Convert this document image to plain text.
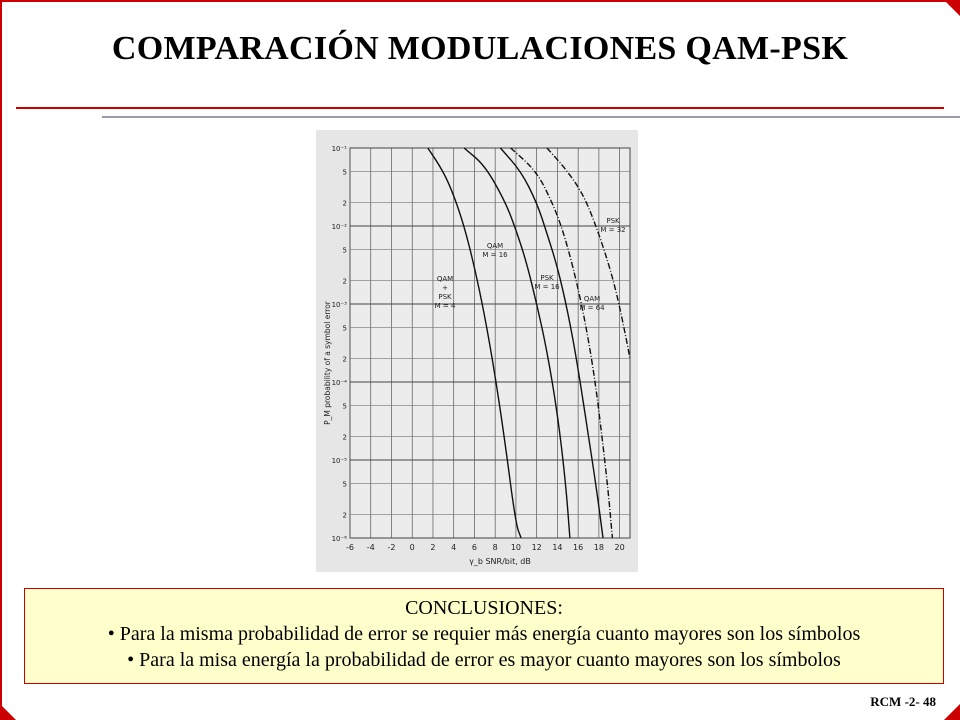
COMPARACIÓN MODULACIONES QAM-PSK
-6 -4 -2 0 2 4 6 8 10 12 14 16 18 20
10⁻¹
5
2
10⁻²
5
2
10⁻³
5
2
10⁻⁴
5
2
10⁻⁵
5
2
10⁻⁶
QAM
+
PSK
M = 4
QAM
M = 16
PSK
M = 16
QAM
M = 64
PSK
M = 32
γ_b SNR/bit, dB
P_M probability of a symbol error
CONCLUSIONES:
• Para la misma probabilidad de error se requier más energía cuanto mayores son los símbolos
• Para la misa energía la probabilidad de error es mayor cuanto mayores son los símbolos
RCM -2- 48
